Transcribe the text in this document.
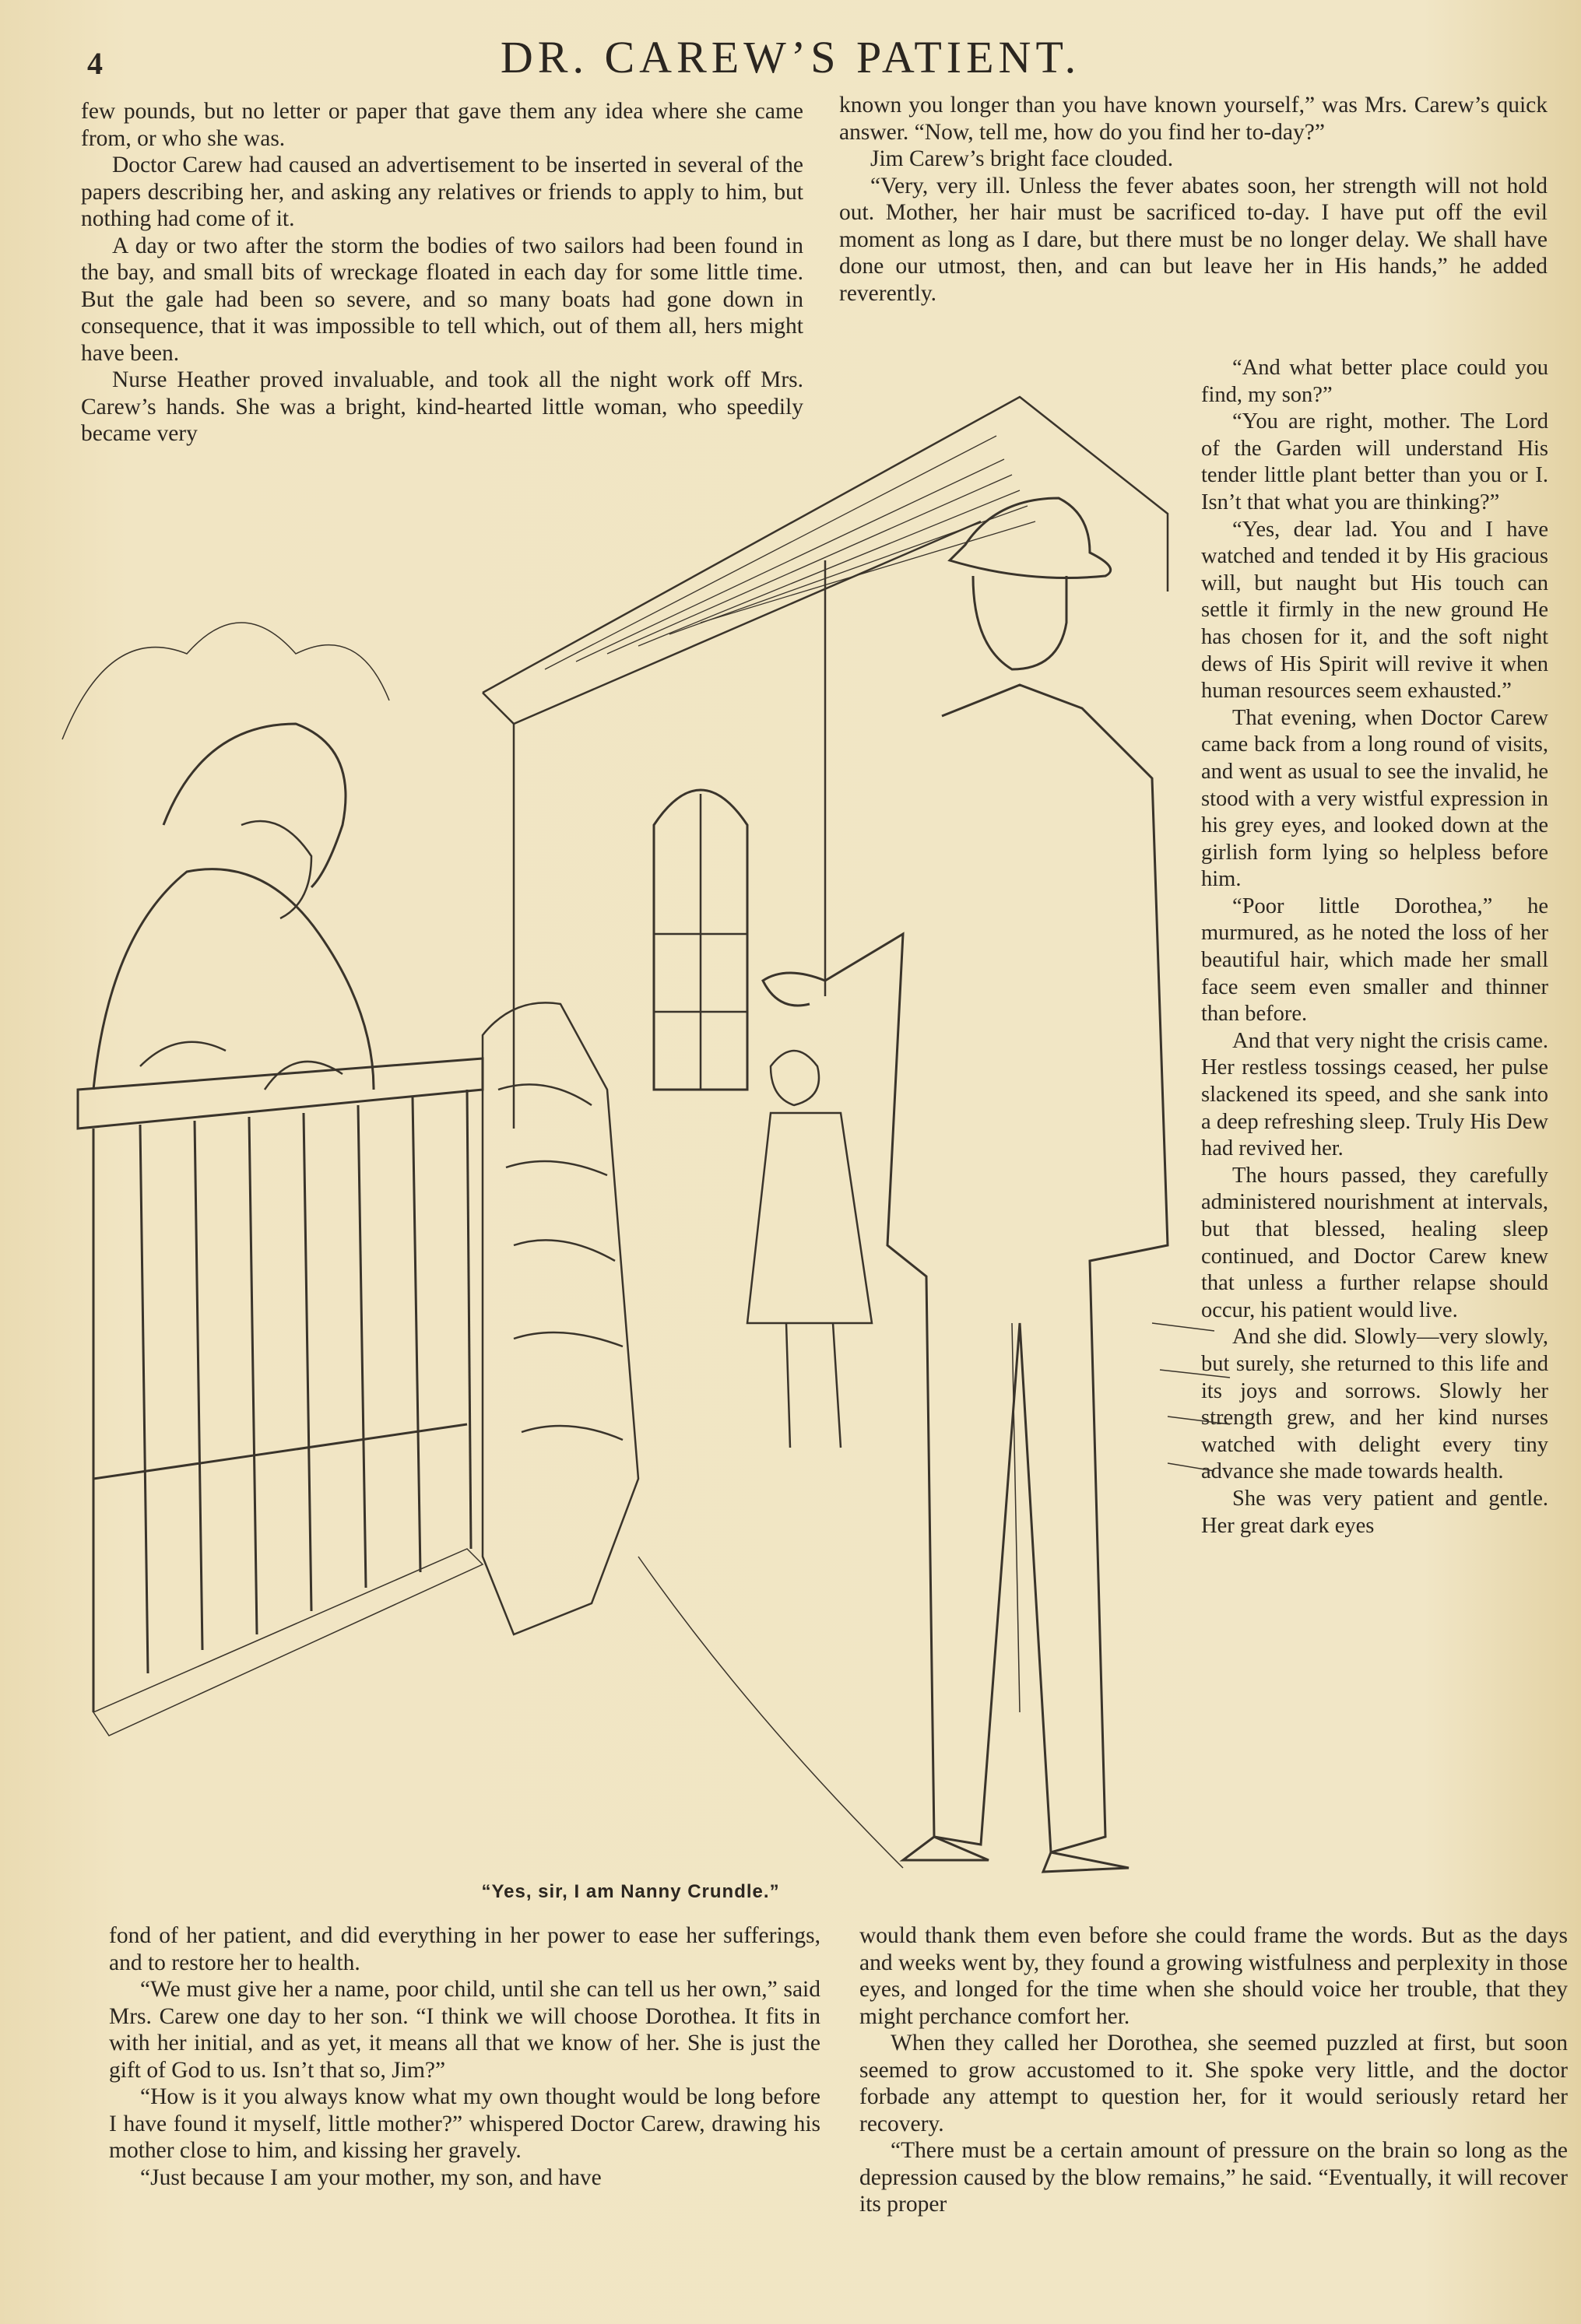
4	DR. CAREW’S PATIENT.

few pounds, but no letter or paper that gave them any idea where she came from, or who she was.

Doctor Carew had caused an advertisement to be inserted in several of the papers describing her, and asking any relatives or friends to apply to him, but nothing had come of it.

A day or two after the storm the bodies of two sailors had been found in the bay, and small bits of wreckage floated in each day for some little time. But the gale had been so severe, and so many boats had gone down in consequence, that it was impossible to tell which, out of them all, hers might have been.

Nurse Heather proved invaluable, and took all the night work off Mrs. Carew’s hands. She was a bright, kind-hearted little woman, who speedily became very

known you longer than you have known yourself,” was Mrs. Carew’s quick answer. “Now, tell me, how do you find her to-day?”

Jim Carew’s bright face clouded.

“Very, very ill. Unless the fever abates soon, her strength will not hold out. Mother, her hair must be sacrificed to-day. I have put off the evil moment as long as I dare, but there must be no longer delay. We shall have done our utmost, then, and can but leave her in His hands,” he added reverently.

“And what better place could you find, my son?”

“You are right, mother. The Lord of the Garden will understand His tender little plant better than you or I. Isn’t that what you are thinking?”

“Yes, dear lad. You and I have watched and tended it by His gracious will, but naught but His touch can settle it firmly in the new ground He has chosen for it, and the soft night dews of His Spirit will revive it when human resources seem exhausted.”

That evening, when Doctor Carew came back from a long round of visits, and went as usual to see the invalid, he stood with a very wistful expression in his grey eyes, and looked down at the girlish form lying so helpless before him.

“Poor little Dorothea,” he murmured, as he noted the loss of her beautiful hair, which made her small face seem even smaller and thinner than before.

And that very night the crisis came. Her restless tossings ceased, her pulse slackened its speed, and she sank into a deep refreshing sleep. Truly His Dew had revived her.

The hours passed, they carefully administered nourishment at intervals, but that blessed, healing sleep continued, and Doctor Carew knew that unless a further relapse should occur, his patient would live.

And she did. Slowly—very slowly, but surely, she returned to this life and its joys and sorrows. Slowly her strength grew, and her kind nurses watched with delight every tiny advance she made towards health.

She was very patient and gentle. Her great dark eyes

“Yes, sir, I am Nanny Crundle.”

fond of her patient, and did everything in her power to ease her sufferings, and to restore her to health.

“We must give her a name, poor child, until she can tell us her own,” said Mrs. Carew one day to her son. “I think we will choose Dorothea. It fits in with her initial, and as yet, it means all that we know of her. She is just the gift of God to us. Isn’t that so, Jim?”

“How is it you always know what my own thought would be long before I have found it myself, little mother?” whispered Doctor Carew, drawing his mother close to him, and kissing her gravely.

“Just because I am your mother, my son, and have

would thank them even before she could frame the words. But as the days and weeks went by, they found a growing wistfulness and perplexity in those eyes, and longed for the time when she should voice her trouble, that they might perchance comfort her.

When they called her Dorothea, she seemed puzzled at first, but soon seemed to grow accustomed to it. She spoke very little, and the doctor forbade any attempt to question her, for it would seriously retard her recovery.

“There must be a certain amount of pressure on the brain so long as the depression caused by the blow remains,” he said. “Eventually, it will recover its proper
